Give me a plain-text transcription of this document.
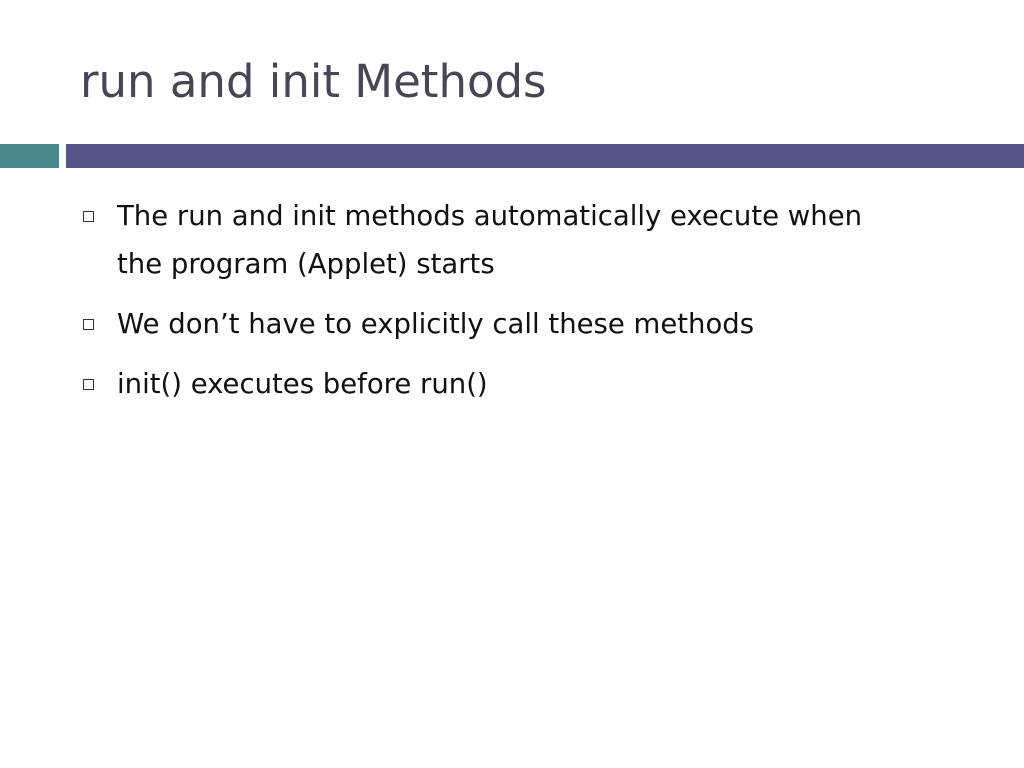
run and init Methods
The run and init methods automatically execute when the program (Applet) starts
We don’t have to explicitly call these methods
init() executes before run()
